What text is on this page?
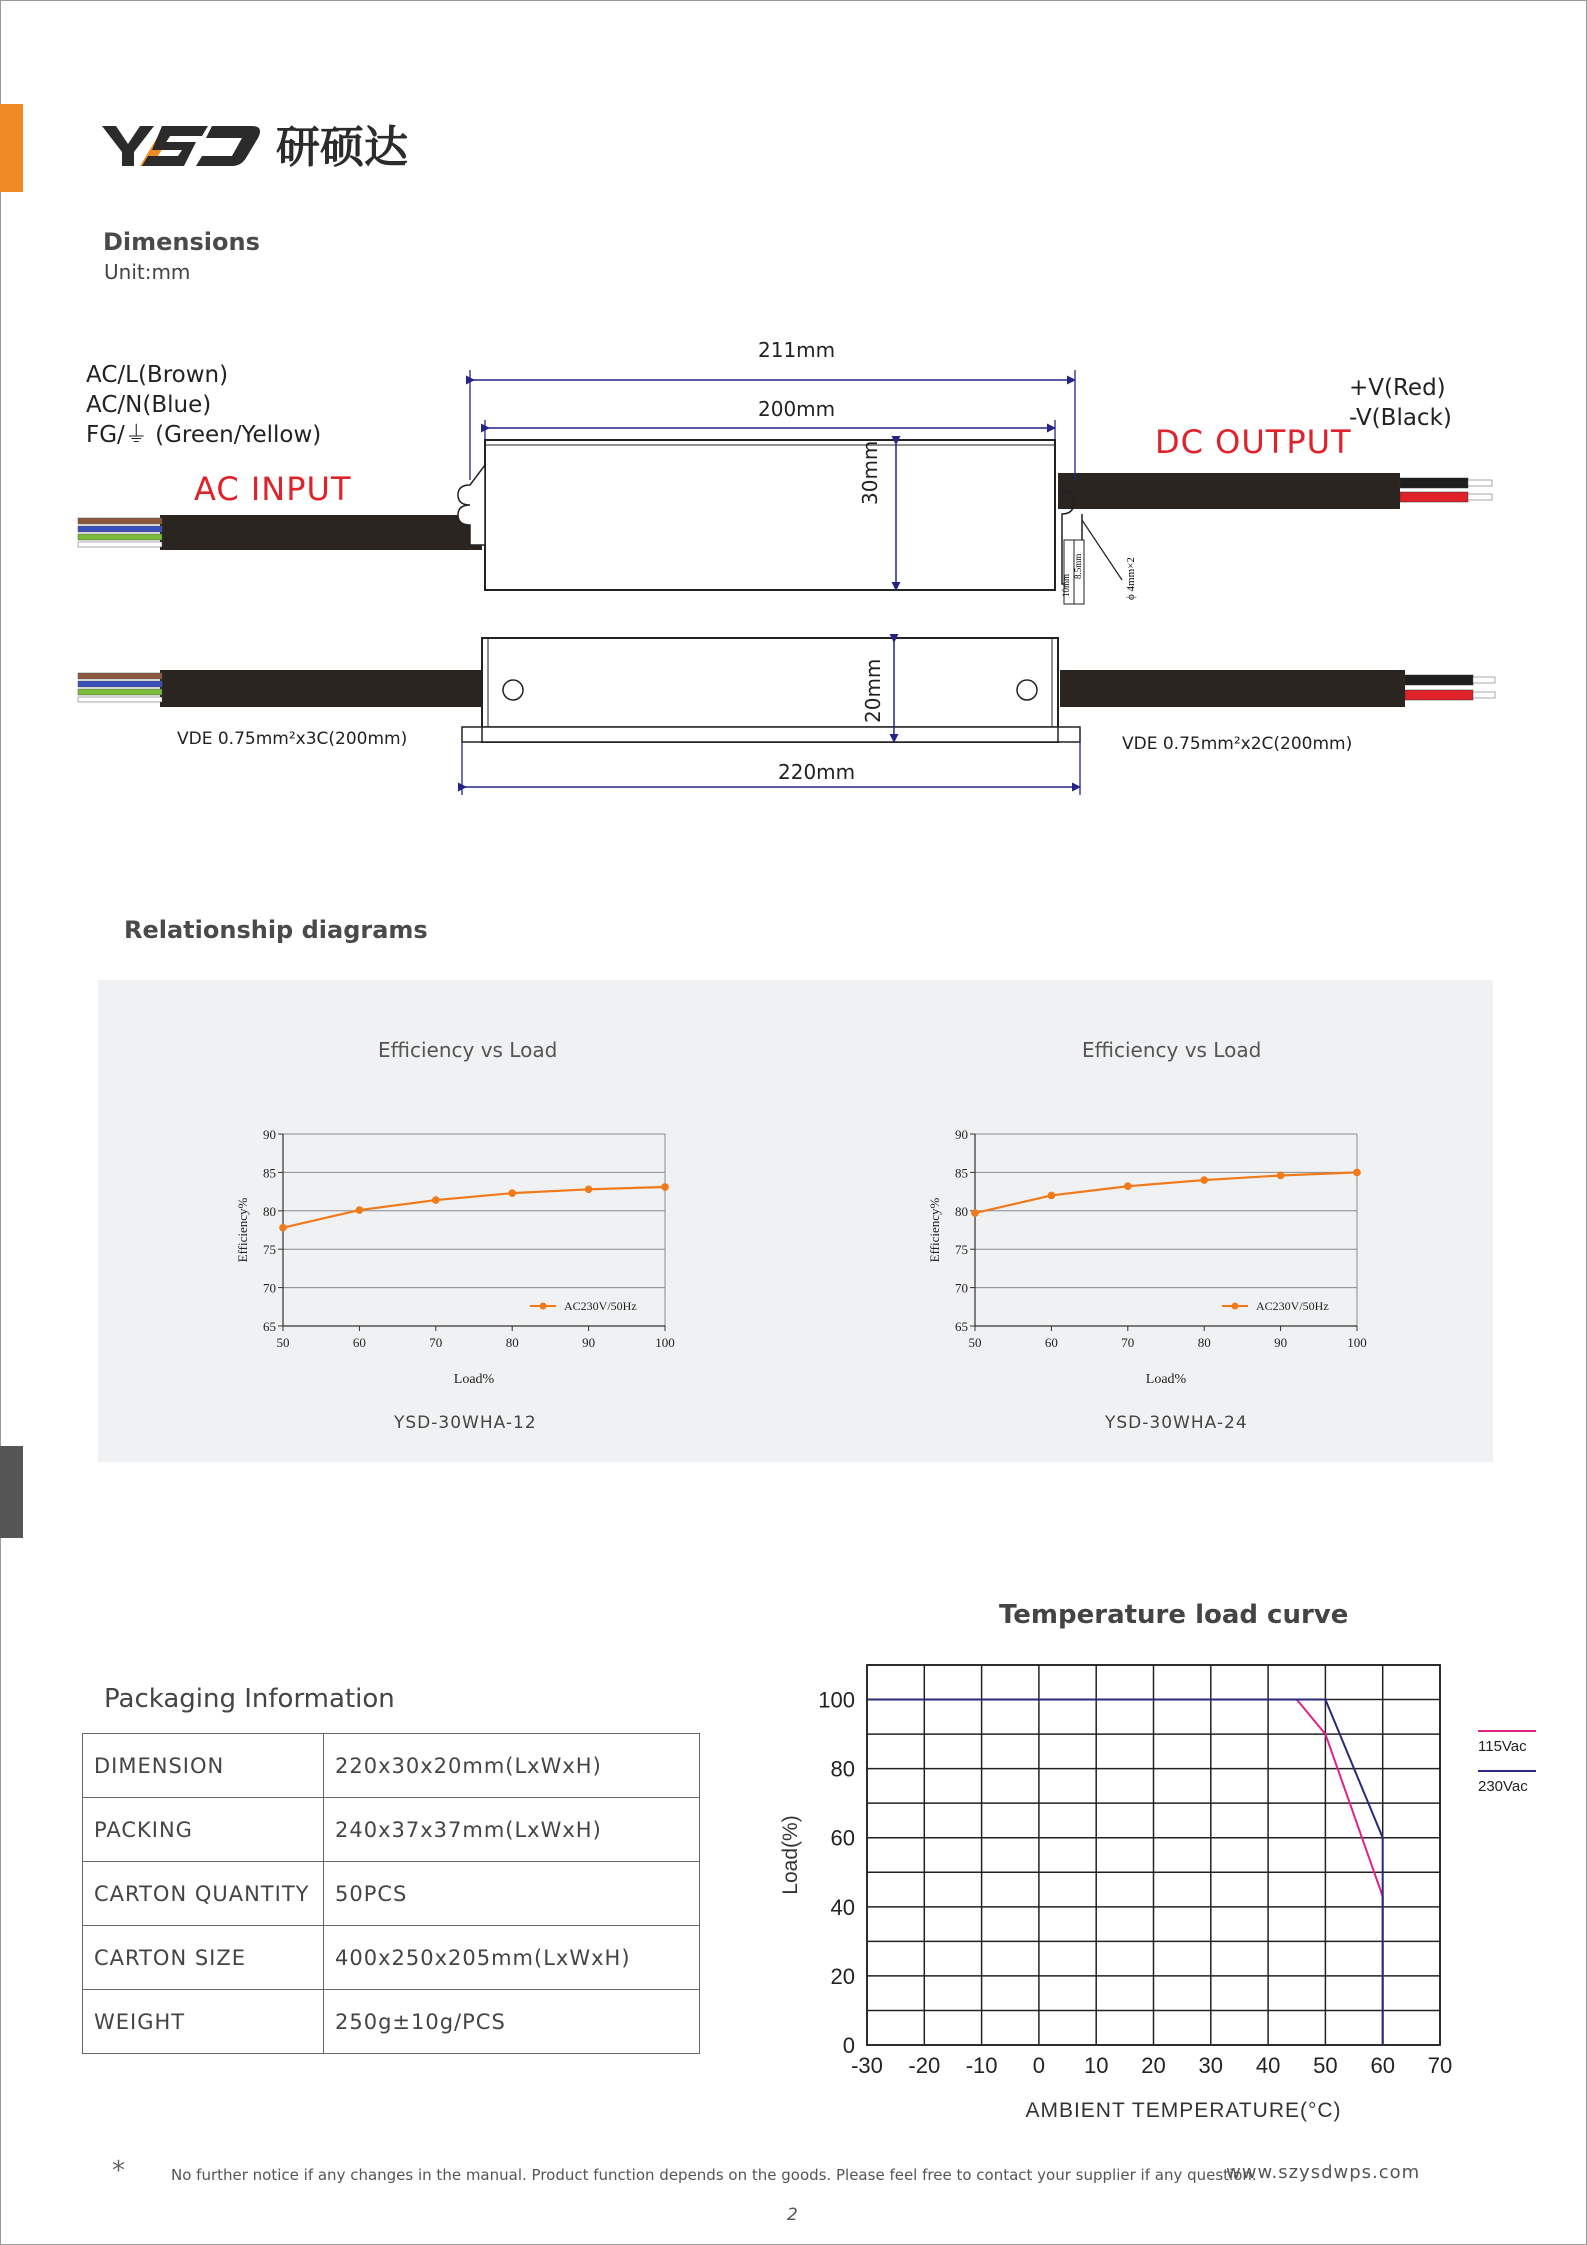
研硕达
Dimensions
Unit:mm
10mm
8.5mm	ϕ 4mm×2
211mm
200mm
30mm
20mm
220mm
AC/L(Brown)
AC/N(Blue)
FG/⏚ (Green/Yellow)
AC INPUT
+V(Red)
-V(Black)
DC OUTPUT
VDE 0.75mm²x3C(200mm)	VDE 0.75mm²x2C(200mm)
Relationship diagrams
Efficiency vs Load	Efficiency vs Load
YSD-30WHA-12	YSD-30WHA-24
65
70
75
80
85
90
50	60	70	80	90	100
Load%
Efficiency%
AC230V/50Hz
65
70
75
80
85
90
50	60	70	80	90	100
Load%
Efficiency%
AC230V/50Hz
Packaging Information
DIMENSION	220x30x20mm(LxWxH)
PACKING	240x37x37mm(LxWxH)
CARTON QUANTITY	50PCS
CARTON SIZE	400x250x205mm(LxWxH)
WEIGHT	250g±10g/PCS
Temperature load curve
0
20
40
60
80
100
-30 -20 -10 0 10 20 30 40 50 60 70
AMBIENT TEMPERATURE(°C)
Load(%)
115Vac
230Vac
*	No further notice if any changes in the manual. Product function depends on the goods. Please feel free to contact your supplier if any question.
www.szysdwps.com
2
